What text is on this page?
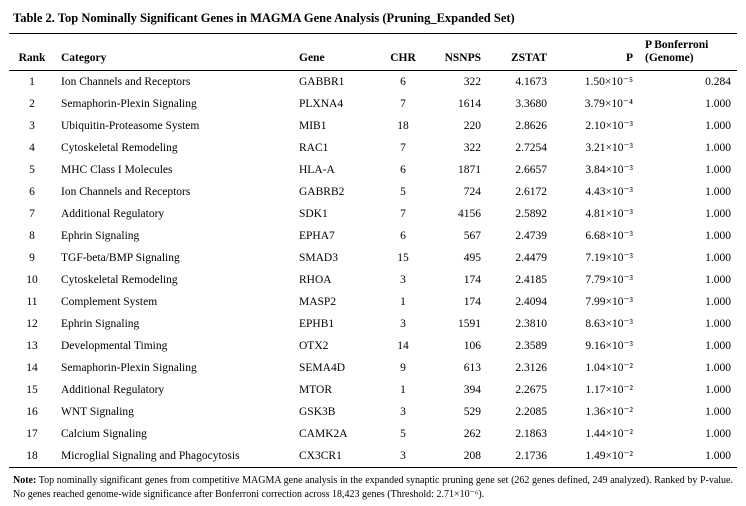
Table 2. Top Nominally Significant Genes in MAGMA Gene Analysis (Pruning_Expanded Set)
Rank	Category	Gene	CHR	NSNPS	ZSTAT	P	P Bonferroni (Genome)
1	Ion Channels and Receptors	GABBR1	6	322	4.1673	1.50×10⁻⁵	0.284
2	Semaphorin-Plexin Signaling	PLXNA4	7	1614	3.3680	3.79×10⁻⁴	1.000
3	Ubiquitin-Proteasome System	MIB1	18	220	2.8626	2.10×10⁻³	1.000
4	Cytoskeletal Remodeling	RAC1	7	322	2.7254	3.21×10⁻³	1.000
5	MHC Class I Molecules	HLA-A	6	1871	2.6657	3.84×10⁻³	1.000
6	Ion Channels and Receptors	GABRB2	5	724	2.6172	4.43×10⁻³	1.000
7	Additional Regulatory	SDK1	7	4156	2.5892	4.81×10⁻³	1.000
8	Ephrin Signaling	EPHA7	6	567	2.4739	6.68×10⁻³	1.000
9	TGF-beta/BMP Signaling	SMAD3	15	495	2.4479	7.19×10⁻³	1.000
10	Cytoskeletal Remodeling	RHOA	3	174	2.4185	7.79×10⁻³	1.000
11	Complement System	MASP2	1	174	2.4094	7.99×10⁻³	1.000
12	Ephrin Signaling	EPHB1	3	1591	2.3810	8.63×10⁻³	1.000
13	Developmental Timing	OTX2	14	106	2.3589	9.16×10⁻³	1.000
14	Semaphorin-Plexin Signaling	SEMA4D	9	613	2.3126	1.04×10⁻²	1.000
15	Additional Regulatory	MTOR	1	394	2.2675	1.17×10⁻²	1.000
16	WNT Signaling	GSK3B	3	529	2.2085	1.36×10⁻²	1.000
17	Calcium Signaling	CAMK2A	5	262	2.1863	1.44×10⁻²	1.000
18	Microglial Signaling and Phagocytosis	CX3CR1	3	208	2.1736	1.49×10⁻²	1.000

Note: Top nominally significant genes from competitive MAGMA gene analysis in the expanded synaptic pruning gene set (262 genes defined, 249 analyzed). Ranked by P-value. No genes reached genome-wide significance after Bonferroni correction across 18,423 genes (Threshold: 2.71×10⁻⁶).
